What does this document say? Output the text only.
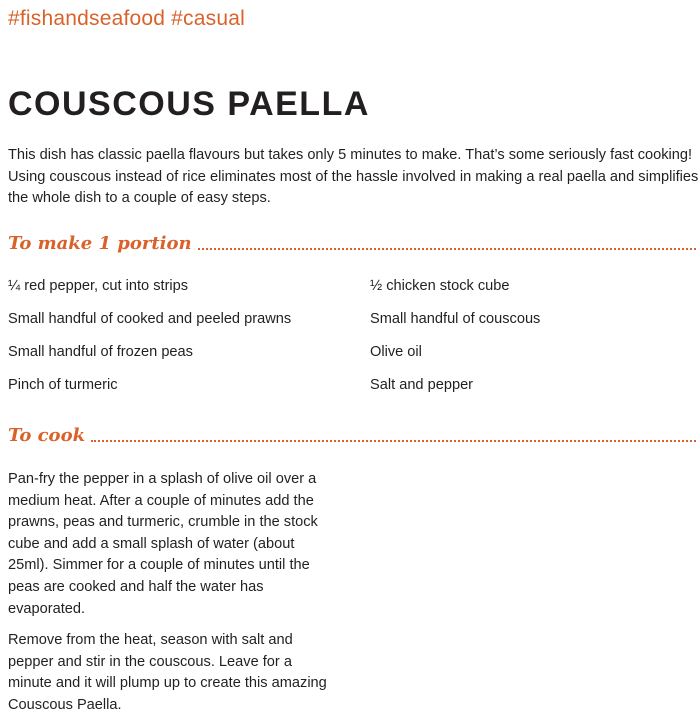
#fishandseafood #casual
COUSCOUS PAELLA

This dish has classic paella flavours but takes only 5 minutes to make. That’s some seriously fast cooking! Using couscous instead of rice eliminates most of the hassle involved in making a real paella and simplifies the whole dish to a couple of easy steps.

To make 1 portion
¼ red pepper, cut into strips
Small handful of cooked and peeled prawns
Small handful of frozen peas
Pinch of turmeric
½ chicken stock cube
Small handful of couscous
Olive oil
Salt and pepper
To cook

Pan-fry the pepper in a splash of olive oil over a medium heat. After a couple of minutes add the prawns, peas and turmeric, crumble in the stock cube and add a small splash of water (about 25ml). Simmer for a couple of minutes until the peas are cooked and half the water has evaporated.

Remove from the heat, season with salt and pepper and stir in the couscous. Leave for a minute and it will plump up to create this amazing Couscous Paella.
